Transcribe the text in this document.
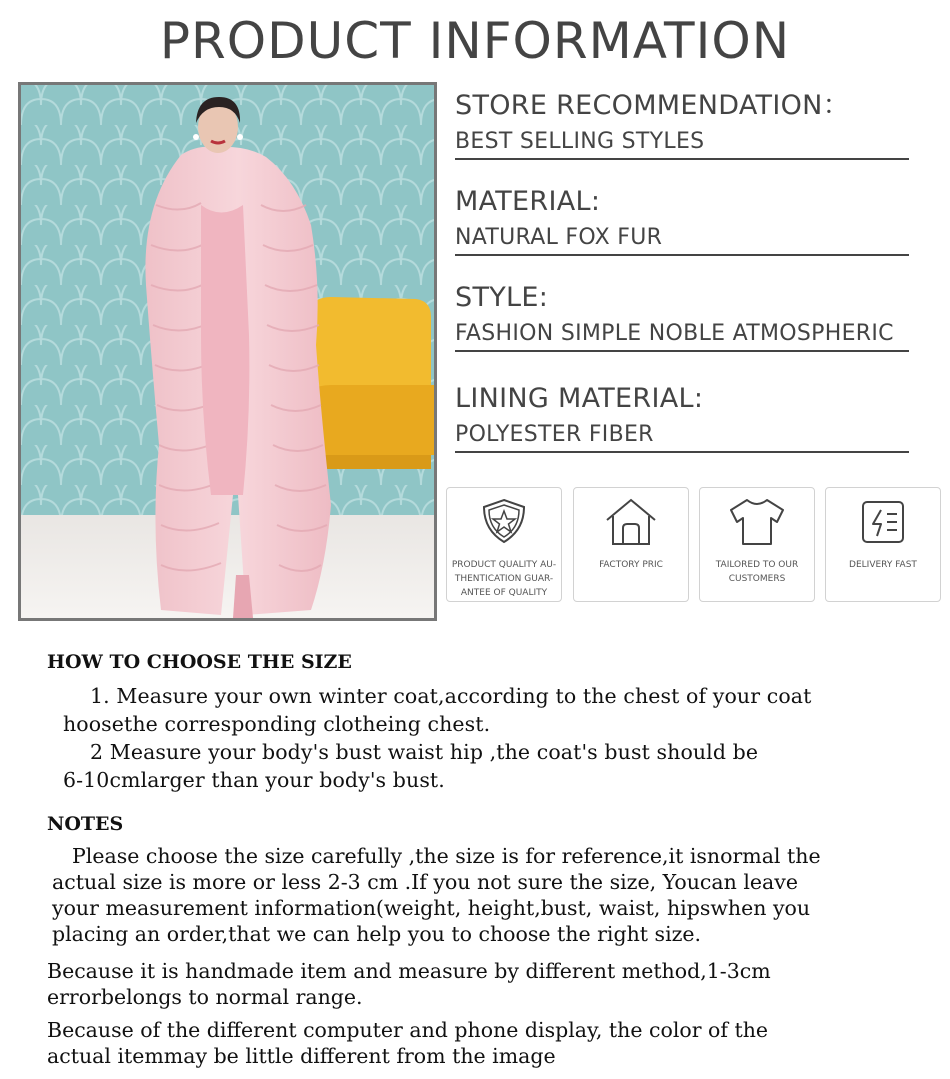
PRODUCT INFORMATION
STORE RECOMMENDATION：
BEST SELLING STYLES
MATERIAL:
NATURAL FOX FUR
STYLE:
FASHION SIMPLE NOBLE ATMOSPHERIC
LINING MATERIAL:
POLYESTER FIBER
PRODUCT QUALITY AU-
THENTICATION GUAR-
ANTEE OF QUALITY
FACTORY PRIC	TAILORED TO OUR
CUSTOMERS
DELIVERY FAST
HOW TO CHOOSE THE SIZE
1. Measure your own winter coat,according to the chest of your coat
hoosethe corresponding clotheing chest.
2 Measure your body's bust waist hip ,the coat's bust should be
6-10cmlarger than your body's bust.
NOTES
Please choose the size carefully ,the size is for reference,it isnormal the
actual size is more or less 2-3 cm .If you not sure the size, Youcan leave
your measurement information(weight, height,bust, waist, hipswhen you
placing an order,that we can help you to choose the right size.
Because it is handmade item and measure by different method,1-3cm
errorbelongs to normal range.
Because of the different computer and phone display, the color of the
actual itemmay be little different from the image
